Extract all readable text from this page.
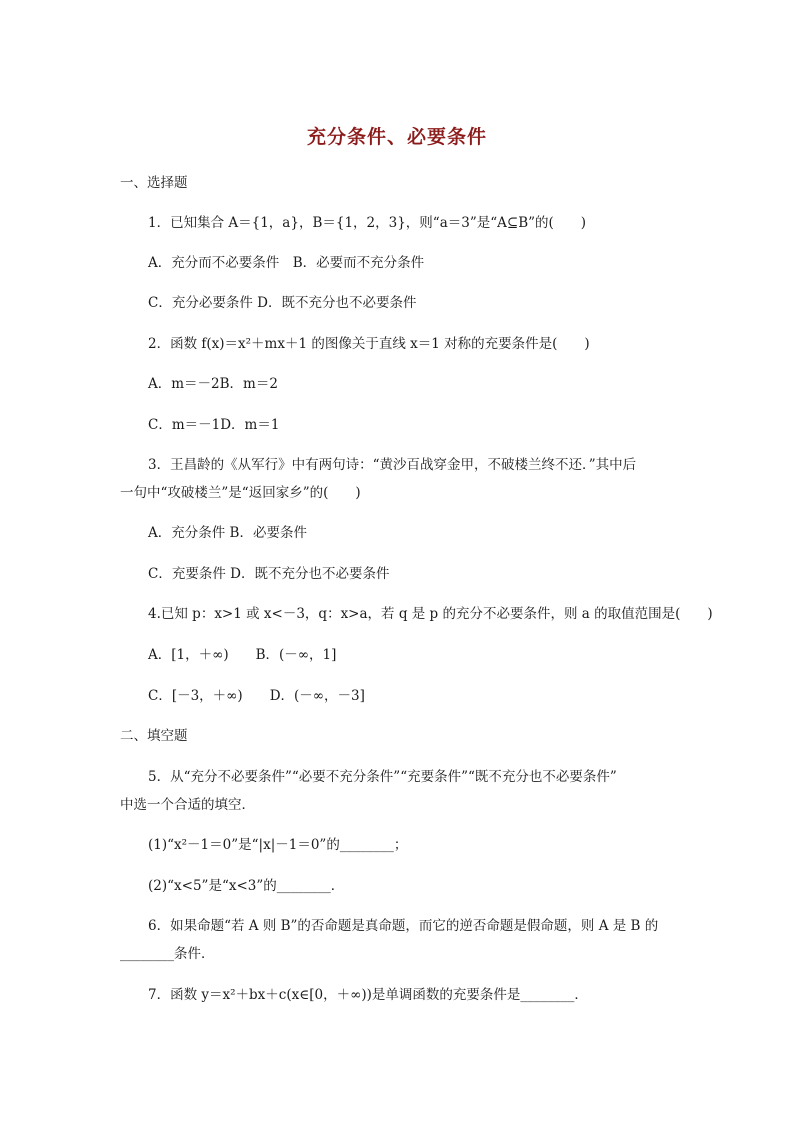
充分条件、必要条件
一、选择题
1．已知集合 A＝{1，a}，B＝{1，2，3}，则“a＝3”是“A⊆B”的(　　)
A．充分而不必要条件　B．必要而不充分条件
C．充分必要条件 D．既不充分也不必要条件
2．函数 f(x)＝x²＋mx＋1 的图像关于直线 x＝1 对称的充要条件是(　　)
A．m＝－2B．m＝2
C．m＝－1D．m＝1
3．王昌龄的《从军行》中有两句诗：“黄沙百战穿金甲，不破楼兰终不还．”其中后
一句中“攻破楼兰”是“返回家乡”的(　　)
A．充分条件 B．必要条件
C．充要条件 D．既不充分也不必要条件
4.已知 p：x>1 或 x<－3，q：x>a，若 q 是 p 的充分不必要条件，则 a 的取值范围是(　　)
A．[1，＋∞)　　B．(－∞，1]
C．[－3，＋∞)　　D．(－∞，－3]
二、填空题
5．从“充分不必要条件”“必要不充分条件”“充要条件”“既不充分也不必要条件”
中选一个合适的填空．
(1)“x²－1＝0”是“|x|－1＝0”的________；
(2)“x<5”是“x<3”的________．
6．如果命题“若 A 则 B”的否命题是真命题，而它的逆否命题是假命题，则 A 是 B 的
________条件．
7．函数 y＝x²＋bx＋c(x∈[0，＋∞))是单调函数的充要条件是________．
